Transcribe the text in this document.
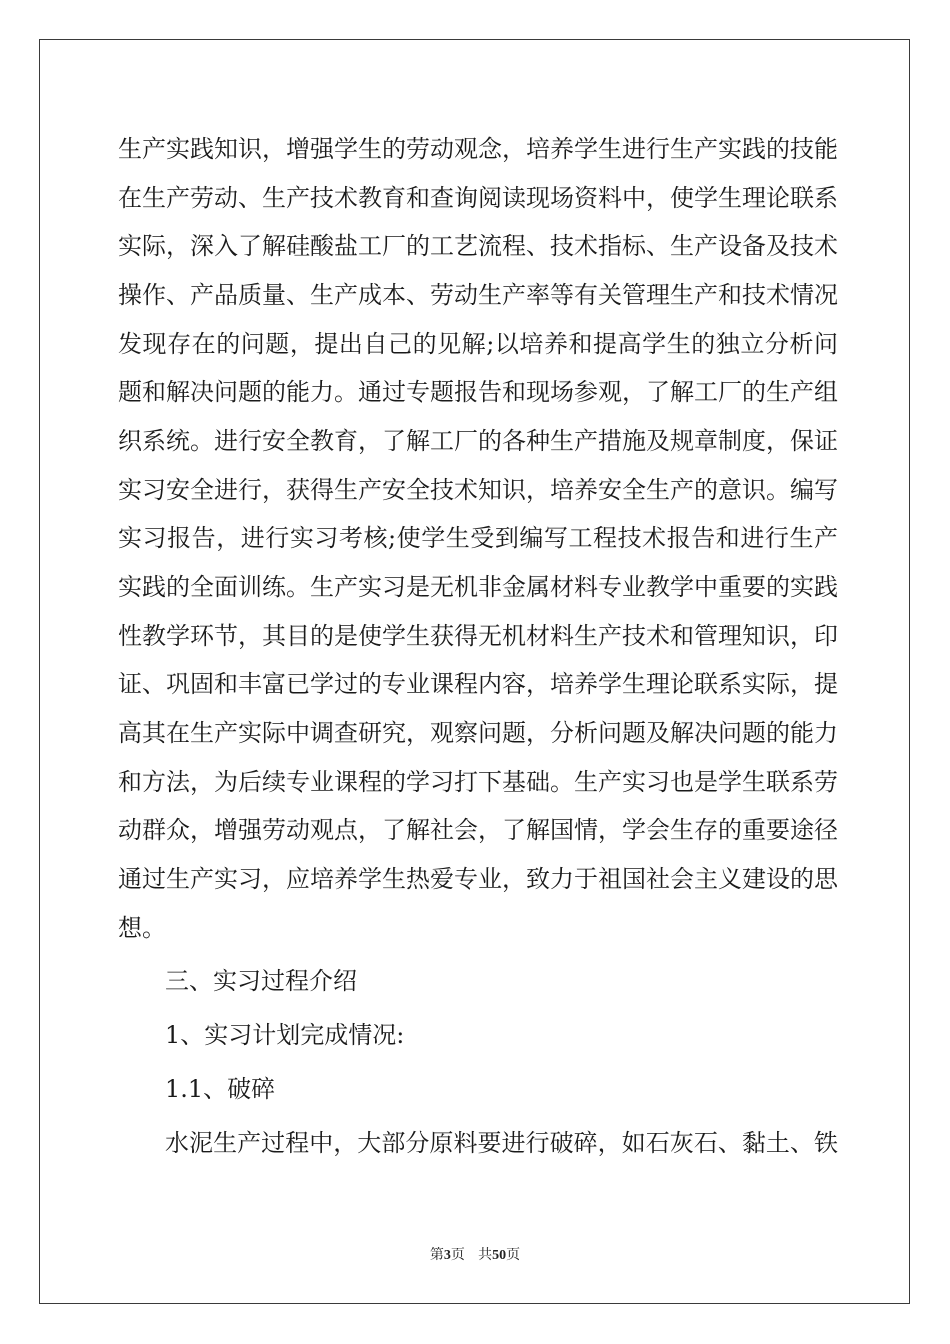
生产实践知识，增强学生的劳动观念，培养学生进行生产实践的技能
在生产劳动、生产技术教育和查询阅读现场资料中，使学生理论联系
实际，深入了解硅酸盐工厂的工艺流程、技术指标、生产设备及技术
操作、产品质量、生产成本、劳动生产率等有关管理生产和技术情况
发现存在的问题，提出自己的见解;以培养和提高学生的独立分析问
题和解决问题的能力。通过专题报告和现场参观，了解工厂的生产组
织系统。进行安全教育，了解工厂的各种生产措施及规章制度，保证
实习安全进行，获得生产安全技术知识，培养安全生产的意识。编写
实习报告，进行实习考核;使学生受到编写工程技术报告和进行生产
实践的全面训练。生产实习是无机非金属材料专业教学中重要的实践
性教学环节，其目的是使学生获得无机材料生产技术和管理知识，印
证、巩固和丰富已学过的专业课程内容，培养学生理论联系实际，提
高其在生产实际中调查研究，观察问题，分析问题及解决问题的能力
和方法，为后续专业课程的学习打下基础。生产实习也是学生联系劳
动群众，增强劳动观点，了解社会，了解国情，学会生存的重要途径
通过生产实习，应培养学生热爱专业，致力于祖国社会主义建设的思
想。
三、实习过程介绍
1、实习计划完成情况:
1.1、破碎
水泥生产过程中，大部分原料要进行破碎，如石灰石、黏土、铁
第3页 共50页
